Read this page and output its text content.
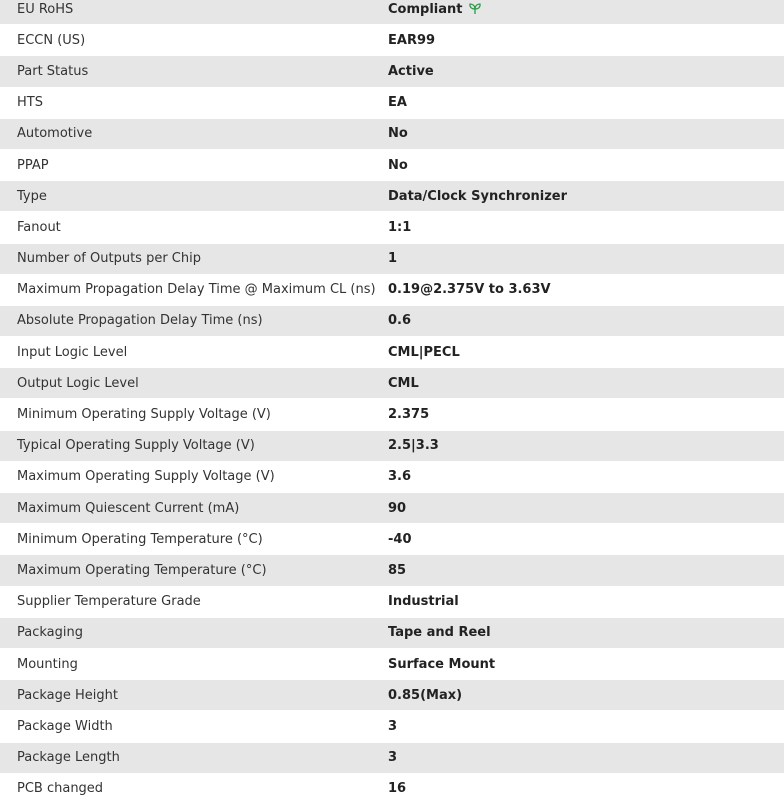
EU RoHS	Compliant
ECCN (US)	EAR99
Part Status	Active
HTS	EA
Automotive	No
PPAP	No
Type	Data/Clock Synchronizer
Fanout	1:1
Number of Outputs per Chip	1
Maximum Propagation Delay Time @ Maximum CL (ns) 0.19@2.375V to 3.63V
Absolute Propagation Delay Time (ns)	0.6
Input Logic Level	CML|PECL
Output Logic Level	CML
Minimum Operating Supply Voltage (V)	2.375
Typical Operating Supply Voltage (V)	2.5|3.3
Maximum Operating Supply Voltage (V)	3.6
Maximum Quiescent Current (mA)	90
Minimum Operating Temperature (°C)	-40
Maximum Operating Temperature (°C)	85
Supplier Temperature Grade	Industrial
Packaging	Tape and Reel
Mounting	Surface Mount
Package Height	0.85(Max)
Package Width	3
Package Length	3
PCB changed	16
